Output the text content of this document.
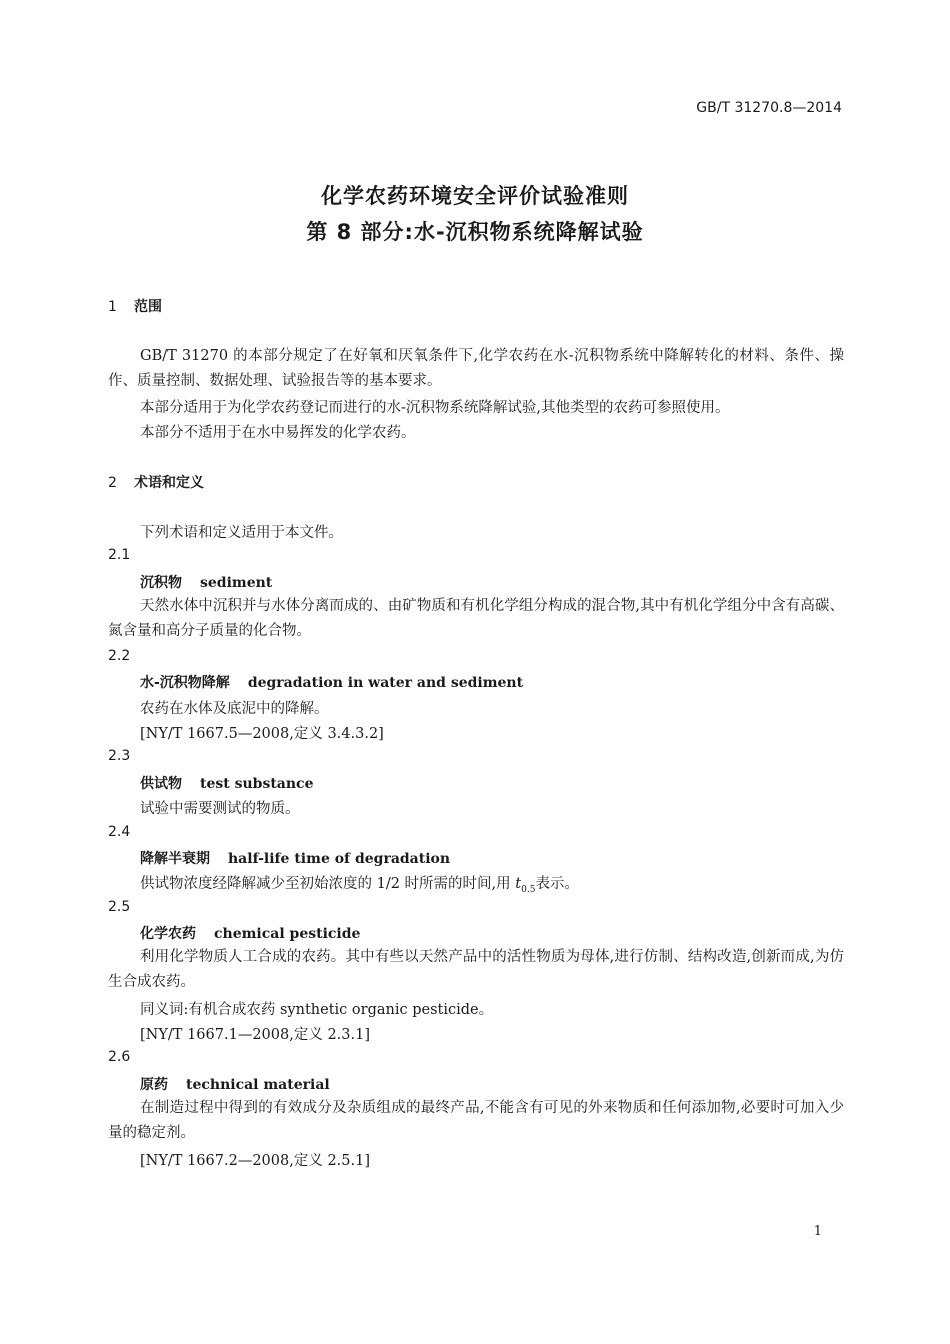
GB/T 31270.8—2014
化学农药环境安全评价试验准则
第 8 部分:水-沉积物系统降解试验
1 范围
GB/T 31270 的本部分规定了在好氧和厌氧条件下,化学农药在水-沉积物系统中降解转化的材料、条件、操作、质量控制、数据处理、试验报告等的基本要求。
本部分适用于为化学农药登记而进行的水-沉积物系统降解试验,其他类型的农药可参照使用。
本部分不适用于在水中易挥发的化学农药。
2 术语和定义
下列术语和定义适用于本文件。
2.1
沉积物 sediment
天然水体中沉积并与水体分离而成的、由矿物质和有机化学组分构成的混合物,其中有机化学组分中含有高碳、氮含量和高分子质量的化合物。
2.2
水-沉积物降解 degradation in water and sediment
农药在水体及底泥中的降解。
[NY/T 1667.5—2008,定义 3.4.3.2]
2.3
供试物 test substance
试验中需要测试的物质。
2.4
降解半衰期 half-life time of degradation
供试物浓度经降解减少至初始浓度的 1/2 时所需的时间,用 $t_{0.5}$表示。
2.5
化学农药 chemical pesticide
利用化学物质人工合成的农药。其中有些以天然产品中的活性物质为母体,进行仿制、结构改造,创新而成,为仿生合成农药。
同义词:有机合成农药 synthetic organic pesticide。
[NY/T 1667.1—2008,定义 2.3.1]
2.6
原药 technical material
在制造过程中得到的有效成分及杂质组成的最终产品,不能含有可见的外来物质和任何添加物,必要时可加入少量的稳定剂。
[NY/T 1667.2—2008,定义 2.5.1]
1
